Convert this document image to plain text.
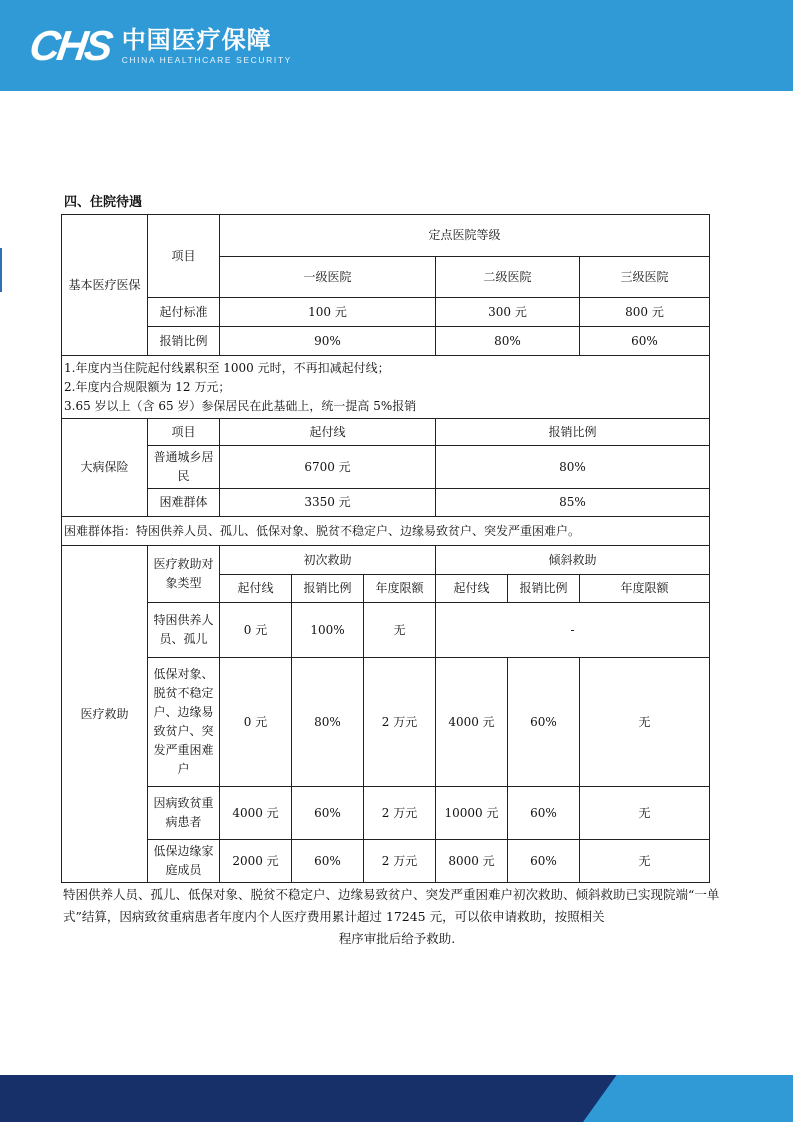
CHS 中国医疗保障
CHINA HEALTHCARE SECURITY
四、住院待遇
基本医疗医保	项目	定点医院等级		
		一级医院	二级医院	三级医院
	起付标准	100 元	300 元	800 元
	报销比例	90%	80%	60%

1.年度内当住院起付线累积至 1000 元时，不再扣减起付线；
2.年度内合规限额为 12 万元；
3.65 岁以上（含 65 岁）参保居民在此基础上，统一提高 5%报销				
大病保险	项目	起付线	报销比例
	普通城乡居民	6700 元	80%
	困难群体	3350 元	85%
困难群体指：特困供养人员、孤儿、低保对象、脱贫不稳定户、边缘易致贫户、突发严重困难户。			
医疗救助	医疗救助对象类型	初次救助			倾斜救助		
		起付线	报销比例	年度限额	起付线	报销比例	年度限额
	特困供养人员、孤儿	0 元	100%	无	-		
	低保对象、脱贫不稳定户、边缘易致贫户、突发严重困难户	0 元	80%	2 万元	4000 元	60%	无
	因病致贫重病患者	4000 元	60%	2 万元	10000 元	60%	无
	低保边缘家庭成员	2000 元	60%	2 万元	8000 元	60%	无
特困供养人员、孤儿、低保对象、脱贫不稳定户、边缘易致贫户、突发严重困难户初次救助、倾斜救助已实现院端“一单式”结算，因病致贫重病患者年度内个人医疗费用累计超过 17245 元，可以依申请救助，按照相关
程序审批后给予救助.
